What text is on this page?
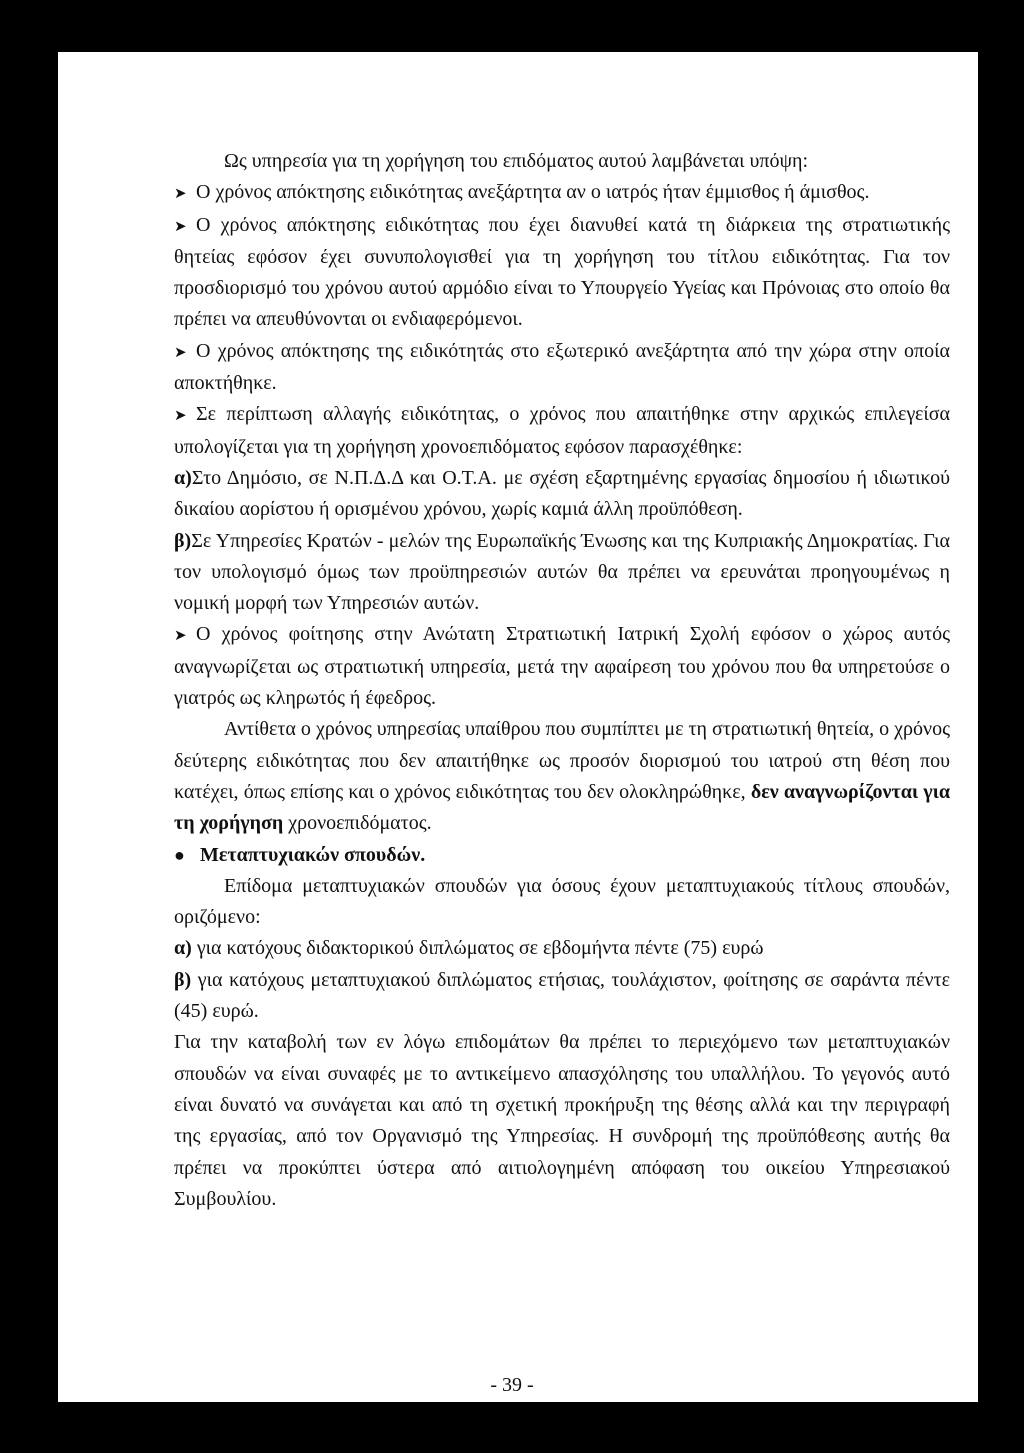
Ως υπηρεσία για τη χορήγηση του επιδόματος αυτού λαμβάνεται υπόψη:

➤ Ο χρόνος απόκτησης ειδικότητας ανεξάρτητα αν ο ιατρός ήταν έμμισθος ή άμισθος.

➤ Ο χρόνος απόκτησης ειδικότητας που έχει διανυθεί κατά τη διάρκεια της στρατιωτικής θητείας εφόσον έχει συνυπολογισθεί για τη χορήγηση του τίτλου ειδικότητας. Για τον προσδιορισμό του χρόνου αυτού αρμόδιο είναι το Υπουργείο Υγείας και Πρόνοιας στο οποίο θα πρέπει να απευθύνονται οι ενδιαφερόμενοι.

➤ Ο χρόνος απόκτησης της ειδικότητάς στο εξωτερικό ανεξάρτητα από την χώρα στην οποία αποκτήθηκε.

➤ Σε περίπτωση αλλαγής ειδικότητας, ο χρόνος που απαιτήθηκε στην αρχικώς επιλεγείσα υπολογίζεται για τη χορήγηση χρονοεπιδόματος εφόσον παρασχέθηκε:

α)Στο Δημόσιο, σε Ν.Π.Δ.Δ και Ο.Τ.Α. με σχέση εξαρτημένης εργασίας δημοσίου ή ιδιωτικού δικαίου αορίστου ή ορισμένου χρόνου, χωρίς καμιά άλλη προϋπόθεση.

β)Σε Υπηρεσίες Κρατών - μελών της Ευρωπαϊκής Ένωσης και της Κυπριακής Δημοκρατίας. Για τον υπολογισμό όμως των προϋπηρεσιών αυτών θα πρέπει να ερευνάται προηγουμένως η νομική μορφή των Υπηρεσιών αυτών.

➤ Ο χρόνος φοίτησης στην Ανώτατη Στρατιωτική Ιατρική Σχολή εφόσον ο χώρος αυτός αναγνωρίζεται ως στρατιωτική υπηρεσία, μετά την αφαίρεση του χρόνου που θα υπηρετούσε ο γιατρός ως κληρωτός ή έφεδρος.

Αντίθετα ο χρόνος υπηρεσίας υπαίθρου που συμπίπτει με τη στρατιωτική θητεία, ο χρόνος δεύτερης ειδικότητας που δεν απαιτήθηκε ως προσόν διορισμού του ιατρού στη θέση που κατέχει, όπως επίσης και ο χρόνος ειδικότητας του δεν ολοκληρώθηκε, δεν αναγνωρίζονται για τη χορήγηση χρονοεπιδόματος.

● Μεταπτυχιακών σπουδών.

Επίδομα μεταπτυχιακών σπουδών για όσους έχουν μεταπτυχιακούς τίτλους σπουδών, οριζόμενο:

α) για κατόχους διδακτορικού διπλώματος σε εβδομήντα πέντε (75) ευρώ

β) για κατόχους μεταπτυχιακού διπλώματος ετήσιας, τουλάχιστον, φοίτησης σε σαράντα πέντε (45) ευρώ.

Για την καταβολή των εν λόγω επιδομάτων θα πρέπει το περιεχόμενο των μεταπτυχιακών σπουδών να είναι συναφές με το αντικείμενο απασχόλησης του υπαλλήλου. Το γεγονός αυτό είναι δυνατό να συνάγεται και από τη σχετική προκήρυξη της θέσης αλλά και την περιγραφή της εργασίας, από τον Οργανισμό της Υπηρεσίας. Η συνδρομή της προϋπόθεσης αυτής θα πρέπει να προκύπτει ύστερα από αιτιολογημένη απόφαση του οικείου Υπηρεσιακού Συμβουλίου.

- 39 -
